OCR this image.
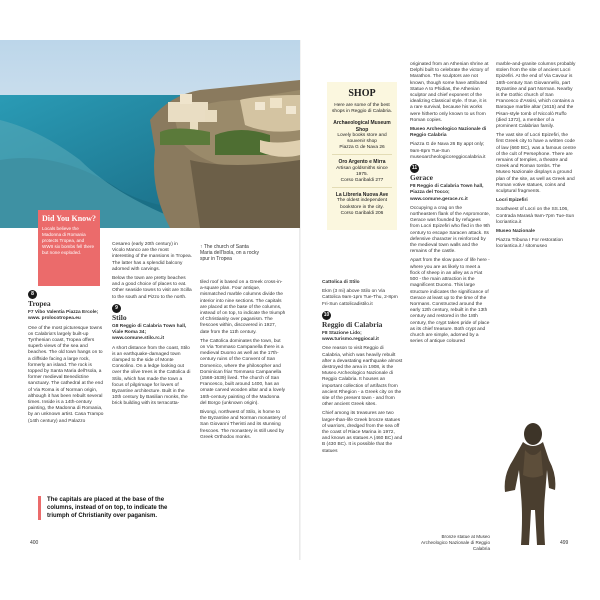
Did You Know?
Locals believe the Madonna di Romania protects Tropea, and WWII six bombs fell there but none exploded.
8
Tropea
F7 Vibo Valentia Piazza Ercole; www. prolocotropea.eu

One of the most picturesque towns on Calabria's largely built-up Tyrrhenian coast, Tropea offers superb views of the sea and beaches. The old town hangs on to a cliffside facing a large rock, formerly an island. The rock is topped by Santa Maria dell'Isola, a former medieval Benedictine sanctuary. The cathedral at the end of Via Roma is of Norman origin, although it has been rebuilt several times. Inside is a 14th-century painting, the Madonna di Romania, by an unknown artist. Casa Trampo (14th century) and Palazzo

Cesareo (early 20th century) in Vicolo Manco are the most interesting of the mansions in Tropea. The latter has a splendid balcony adorned with carvings.

Below the town are pretty beaches and a good choice of places to eat. Other seaside towns to visit are Scilla to the south and Pizzo to the north.

9
Stilo
G8 Reggio di Calabria Town hall, Viale Roma 34; www.comune.stilo.rc.it

A short distance from the coast, Stilo is an earthquake-damaged town clamped to the side of Monte Consolino. On a ledge looking out over the olive trees is the Cattolica di Stilo, which has made the town a focus of pilgrimage for lovers of Byzantine architecture. Built in the 10th century by Basilian monks, the brick building with its terracotta-

↑ The church of Santa Maria dell'Isola, on a rocky spur in Tropea

tiled roof is based on a Greek cross-in-a-square plan. Four antique, mismatched marble columns divide the interior into nine sections. The capitals are placed at the base of the columns, instead of on top, to indicate the triumph of Christianity over paganism. The frescoes within, discovered in 1927, date from the 11th century.

The Cattolica dominates the town, but on Via Tommaso Campanella there is a medieval Duomo as well as the 17th-century ruins of the Convent of San Domenico, where the philosopher and Dominican friar Tommaso Campanella (1568-1639) lived. The church of San Francesco, built around 1400, has an ornate carved wooden altar and a lovely 16th-century painting of the Madonna del Borgo (unknown origin).

Bivongi, northwest of Stilo, is home to the Byzantine and Norman monastery of San Giovanni Theristi and its stunning frescoes. The monastery is still used by Greek Orthodox monks.

The capitals are placed at the base of the columns, instead of on top, to indicate the triumph of Christianity over paganism.
400	499
SHOP
Here are some of the best shops in Reggio di Calabria.
Archaeological Museum Shop
Lovely books store and souvenir shop
Piazza G de Nava 26
Oro Argento e Mirra
Artisan goldsmiths since 1975.
Corso Garibaldi 277
La Libreria Nuova Ave
The oldest independent bookstore in the city.
Corso Garibaldi 206
Cattolica di Stilo

Ekm (3 mi) above Stilo on Via Cattolica 9am-1pm Tue-Thu, 2-8pm Fri-Sun cattolicadistilo.it

10
Reggio di Calabria
F8 Stazione Lido; www.turismo.reggiocal.it

One reason to visit Reggio di Calabria, which was heavily rebuilt after a devastating earthquake almost destroyed the area in 1908, is the Museo Archeologico Nazionale di Reggio Calabria. It houses an important collection of artifacts from ancient Rhegion - a Greek city on the site of the present town - and from other ancient Greek sites.

Chief among its treasures are two larger-than-life Greek bronze statues of warriors, dredged from the sea off the coast of Riace Marina in 1972, and known as statues A (460 BC) and B (430 BC). It is possible that the statues

originated from an Athenian shrine at Delphi built to celebrate the victory of Marathon. The sculptors are not known, though some have attributed Statue A to Phidias, the Athenian sculptor and chief exponent of the idealizing Classical style. If true, it is a rare survival, because his works were hitherto only known to us from Roman copies.

Museo Archeologico Nazionale di Reggio Calabria

Piazza G de Nava 26 By appt only; 9am-8pm Tue-Sun museoarcheologicoreggiocalabria.it

11
Gerace
F8 Reggio di Calabria Town hall, Piazza del Tocco; www.comune.gerace.rc.it

Occupying a crag on the northeastern flank of the Aspromonte, Gerace was founded by refugees from Locri Epizefiri who fled in the 9th century to escape Saracen attack. Its defensive character is reinforced by the medieval town walls and the remains of the castle.

Apart from the slow pace of life here - where you are as likely to meet a flock of sheep in an alley as a Fiat 500 - the main attraction is the magnificent Duomo. This large structure indicates the significance of Gerace at least up to the time of the Normans. Constructed around the early 12th century, rebuilt in the 13th century and restored in the 18th century, the crypt takes pride of place as its chief treasure. Both crypt and church are simple, adorned by a series of antique coloured

marble-and-granite columns probably stolen from the site of ancient Locri Epizefiri. At the end of Via Cavour is 16th-century San Giovannello, part Byzantine and part Norman. Nearby is the Gothic church of San Francesco d'Assisi, which contains a Baroque marble altar (1615) and the Pisan-style tomb of Niccolò Ruffo (died 1372), a member of a prominent Calabrian family.

The vast site of Locri Epizefiri, the first Greek city to have a written code of law (660 BC), was a famous centre of the cult of Persephone. There are remains of temples, a theatre and Greek and Roman tombs. The Museo Nazionale displays a ground plan of the site, as well as Greek and Roman votive statues, coins and sculptural fragments.

Locri Epizefiri

Southwest of Locri on the SS.106, Contrada Marasà 9am-7pm Tue-Sun locriantica.it

Museo Nazionale

Piazza Tribuna I For restoration locriantica.it / sitomuseo

Bronze statue at Museo Archeologico Nazionale di Reggio Calabria
